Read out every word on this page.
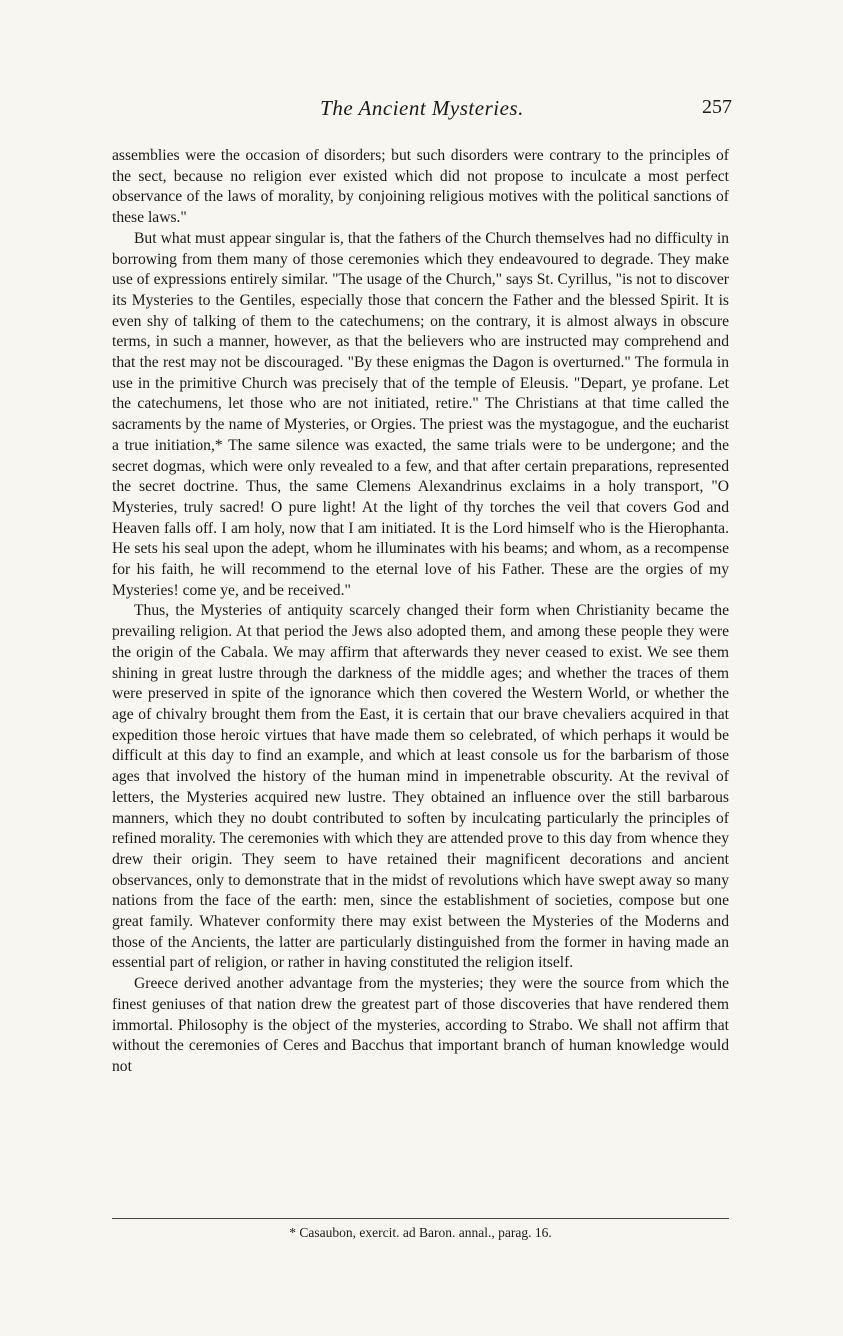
The Ancient Mysteries.	257

assemblies were the occasion of disorders; but such disorders were contrary to the principles of the sect, because no religion ever existed which did not propose to inculcate a most perfect observance of the laws of morality, by conjoining religious motives with the political sanctions of these laws."

But what must appear singular is, that the fathers of the Church themselves had no difficulty in borrowing from them many of those ceremonies which they endeavoured to degrade. They make use of expressions entirely similar. "The usage of the Church," says St. Cyrillus, "is not to discover its Mysteries to the Gentiles, especially those that concern the Father and the blessed Spirit. It is even shy of talking of them to the catechumens; on the contrary, it is almost always in obscure terms, in such a manner, however, as that the believers who are instructed may comprehend and that the rest may not be discouraged. "By these enigmas the Dagon is overturned." The formula in use in the primitive Church was precisely that of the temple of Eleusis. "Depart, ye profane. Let the catechumens, let those who are not initiated, retire." The Christians at that time called the sacraments by the name of Mysteries, or Orgies. The priest was the mystagogue, and the eucharist a true initiation,* The same silence was exacted, the same trials were to be undergone; and the secret dogmas, which were only revealed to a few, and that after certain preparations, represented the secret doctrine. Thus, the same Clemens Alexandrinus exclaims in a holy transport, "O Mysteries, truly sacred! O pure light! At the light of thy torches the veil that covers God and Heaven falls off. I am holy, now that I am initiated. It is the Lord himself who is the Hierophanta. He sets his seal upon the adept, whom he illuminates with his beams; and whom, as a recompense for his faith, he will recommend to the eternal love of his Father. These are the orgies of my Mysteries! come ye, and be received."

Thus, the Mysteries of antiquity scarcely changed their form when Christianity became the prevailing religion. At that period the Jews also adopted them, and among these people they were the origin of the Cabala. We may affirm that afterwards they never ceased to exist. We see them shining in great lustre through the darkness of the middle ages; and whether the traces of them were preserved in spite of the ignorance which then covered the Western World, or whether the age of chivalry brought them from the East, it is certain that our brave chevaliers acquired in that expedition those heroic virtues that have made them so celebrated, of which perhaps it would be difficult at this day to find an example, and which at least console us for the barbarism of those ages that involved the history of the human mind in impenetrable obscurity. At the revival of letters, the Mysteries acquired new lustre. They obtained an influence over the still barbarous manners, which they no doubt contributed to soften by inculcating particularly the principles of refined morality. The ceremonies with which they are attended prove to this day from whence they drew their origin. They seem to have retained their magnificent decorations and ancient observances, only to demonstrate that in the midst of revolutions which have swept away so many nations from the face of the earth: men, since the establishment of societies, compose but one great family. Whatever conformity there may exist between the Mysteries of the Moderns and those of the Ancients, the latter are particularly distinguished from the former in having made an essential part of religion, or rather in having constituted the religion itself.

Greece derived another advantage from the mysteries; they were the source from which the finest geniuses of that nation drew the greatest part of those discoveries that have rendered them immortal. Philosophy is the object of the mysteries, according to Strabo. We shall not affirm that without the ceremonies of Ceres and Bacchus that important branch of human knowledge would not

* Casaubon, exercit. ad Baron. annal., parag. 16.
